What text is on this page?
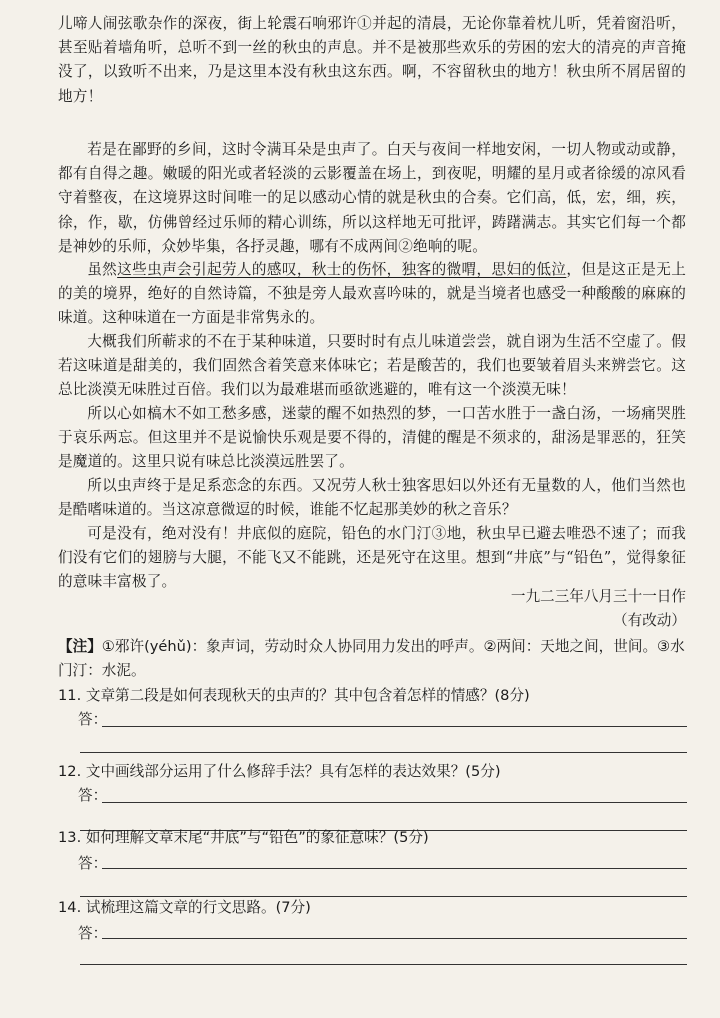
儿啼人闹弦歌杂作的深夜，街上轮震石响邪许①并起的清晨，无论你靠着枕儿听，凭着窗沿听，甚至贴着墙角听，总听不到一丝的秋虫的声息。并不是被那些欢乐的劳困的宏大的清亮的声音掩没了，以致听不出来，乃是这里本没有秋虫这东西。啊，不容留秋虫的地方！秋虫所不屑居留的地方！
若是在鄙野的乡间，这时令满耳朵是虫声了。白天与夜间一样地安闲，一切人物或动或静，都有自得之趣。嫩暖的阳光或者轻淡的云影覆盖在场上，到夜呢，明耀的星月或者徐缓的凉风看守着整夜，在这境界这时间唯一的足以感动心情的就是秋虫的合奏。它们高，低，宏，细，疾，徐，作，歇，仿佛曾经过乐师的精心训练，所以这样地无可批评，踌躇满志。其实它们每一个都是神妙的乐师，众妙毕集，各抒灵趣，哪有不成两间②绝响的呢。
虽然这些虫声会引起劳人的感叹，秋士的伤怀，独客的微喟，思妇的低泣，但是这正是无上的美的境界，绝好的自然诗篇，不独是旁人最欢喜吟味的，就是当境者也感受一种酸酸的麻麻的味道。这种味道在一方面是非常隽永的。
大概我们所蕲求的不在于某种味道，只要时时有点儿味道尝尝，就自诩为生活不空虚了。假若这味道是甜美的，我们固然含着笑意来体味它；若是酸苦的，我们也要皱着眉头来辨尝它。这总比淡漠无味胜过百倍。我们以为最难堪而亟欲逃避的，唯有这一个淡漠无味！
所以心如槁木不如工愁多感，迷蒙的醒不如热烈的梦，一口苦水胜于一盏白汤，一场痛哭胜于哀乐两忘。但这里并不是说愉快乐观是要不得的，清健的醒是不须求的，甜汤是罪恶的，狂笑是魔道的。这里只说有味总比淡漠远胜罢了。
所以虫声终于是足系恋念的东西。又况劳人秋士独客思妇以外还有无量数的人，他们当然也是酷嗜味道的。当这凉意微逗的时候，谁能不忆起那美妙的秋之音乐？
可是没有，绝对没有！井底似的庭院，铅色的水门汀③地，秋虫早已避去唯恐不速了；而我们没有它们的翅膀与大腿，不能飞又不能跳，还是死守在这里。想到“井底”与“铅色”，觉得象征的意味丰富极了。
一九二三年八月三十一日作
（有改动）
【注】①邪许(yéhǔ)：象声词，劳动时众人协同用力发出的呼声。②两间：天地之间，世间。③水门汀：水泥。
11. 文章第二段是如何表现秋天的虫声的？其中包含着怎样的情感？(8分)
答：
12. 文中画线部分运用了什么修辞手法？具有怎样的表达效果？(5分)
答：
13. 如何理解文章末尾“井底”与“铅色”的象征意味？(5分)
答：
14. 试梳理这篇文章的行文思路。(7分)
答：
